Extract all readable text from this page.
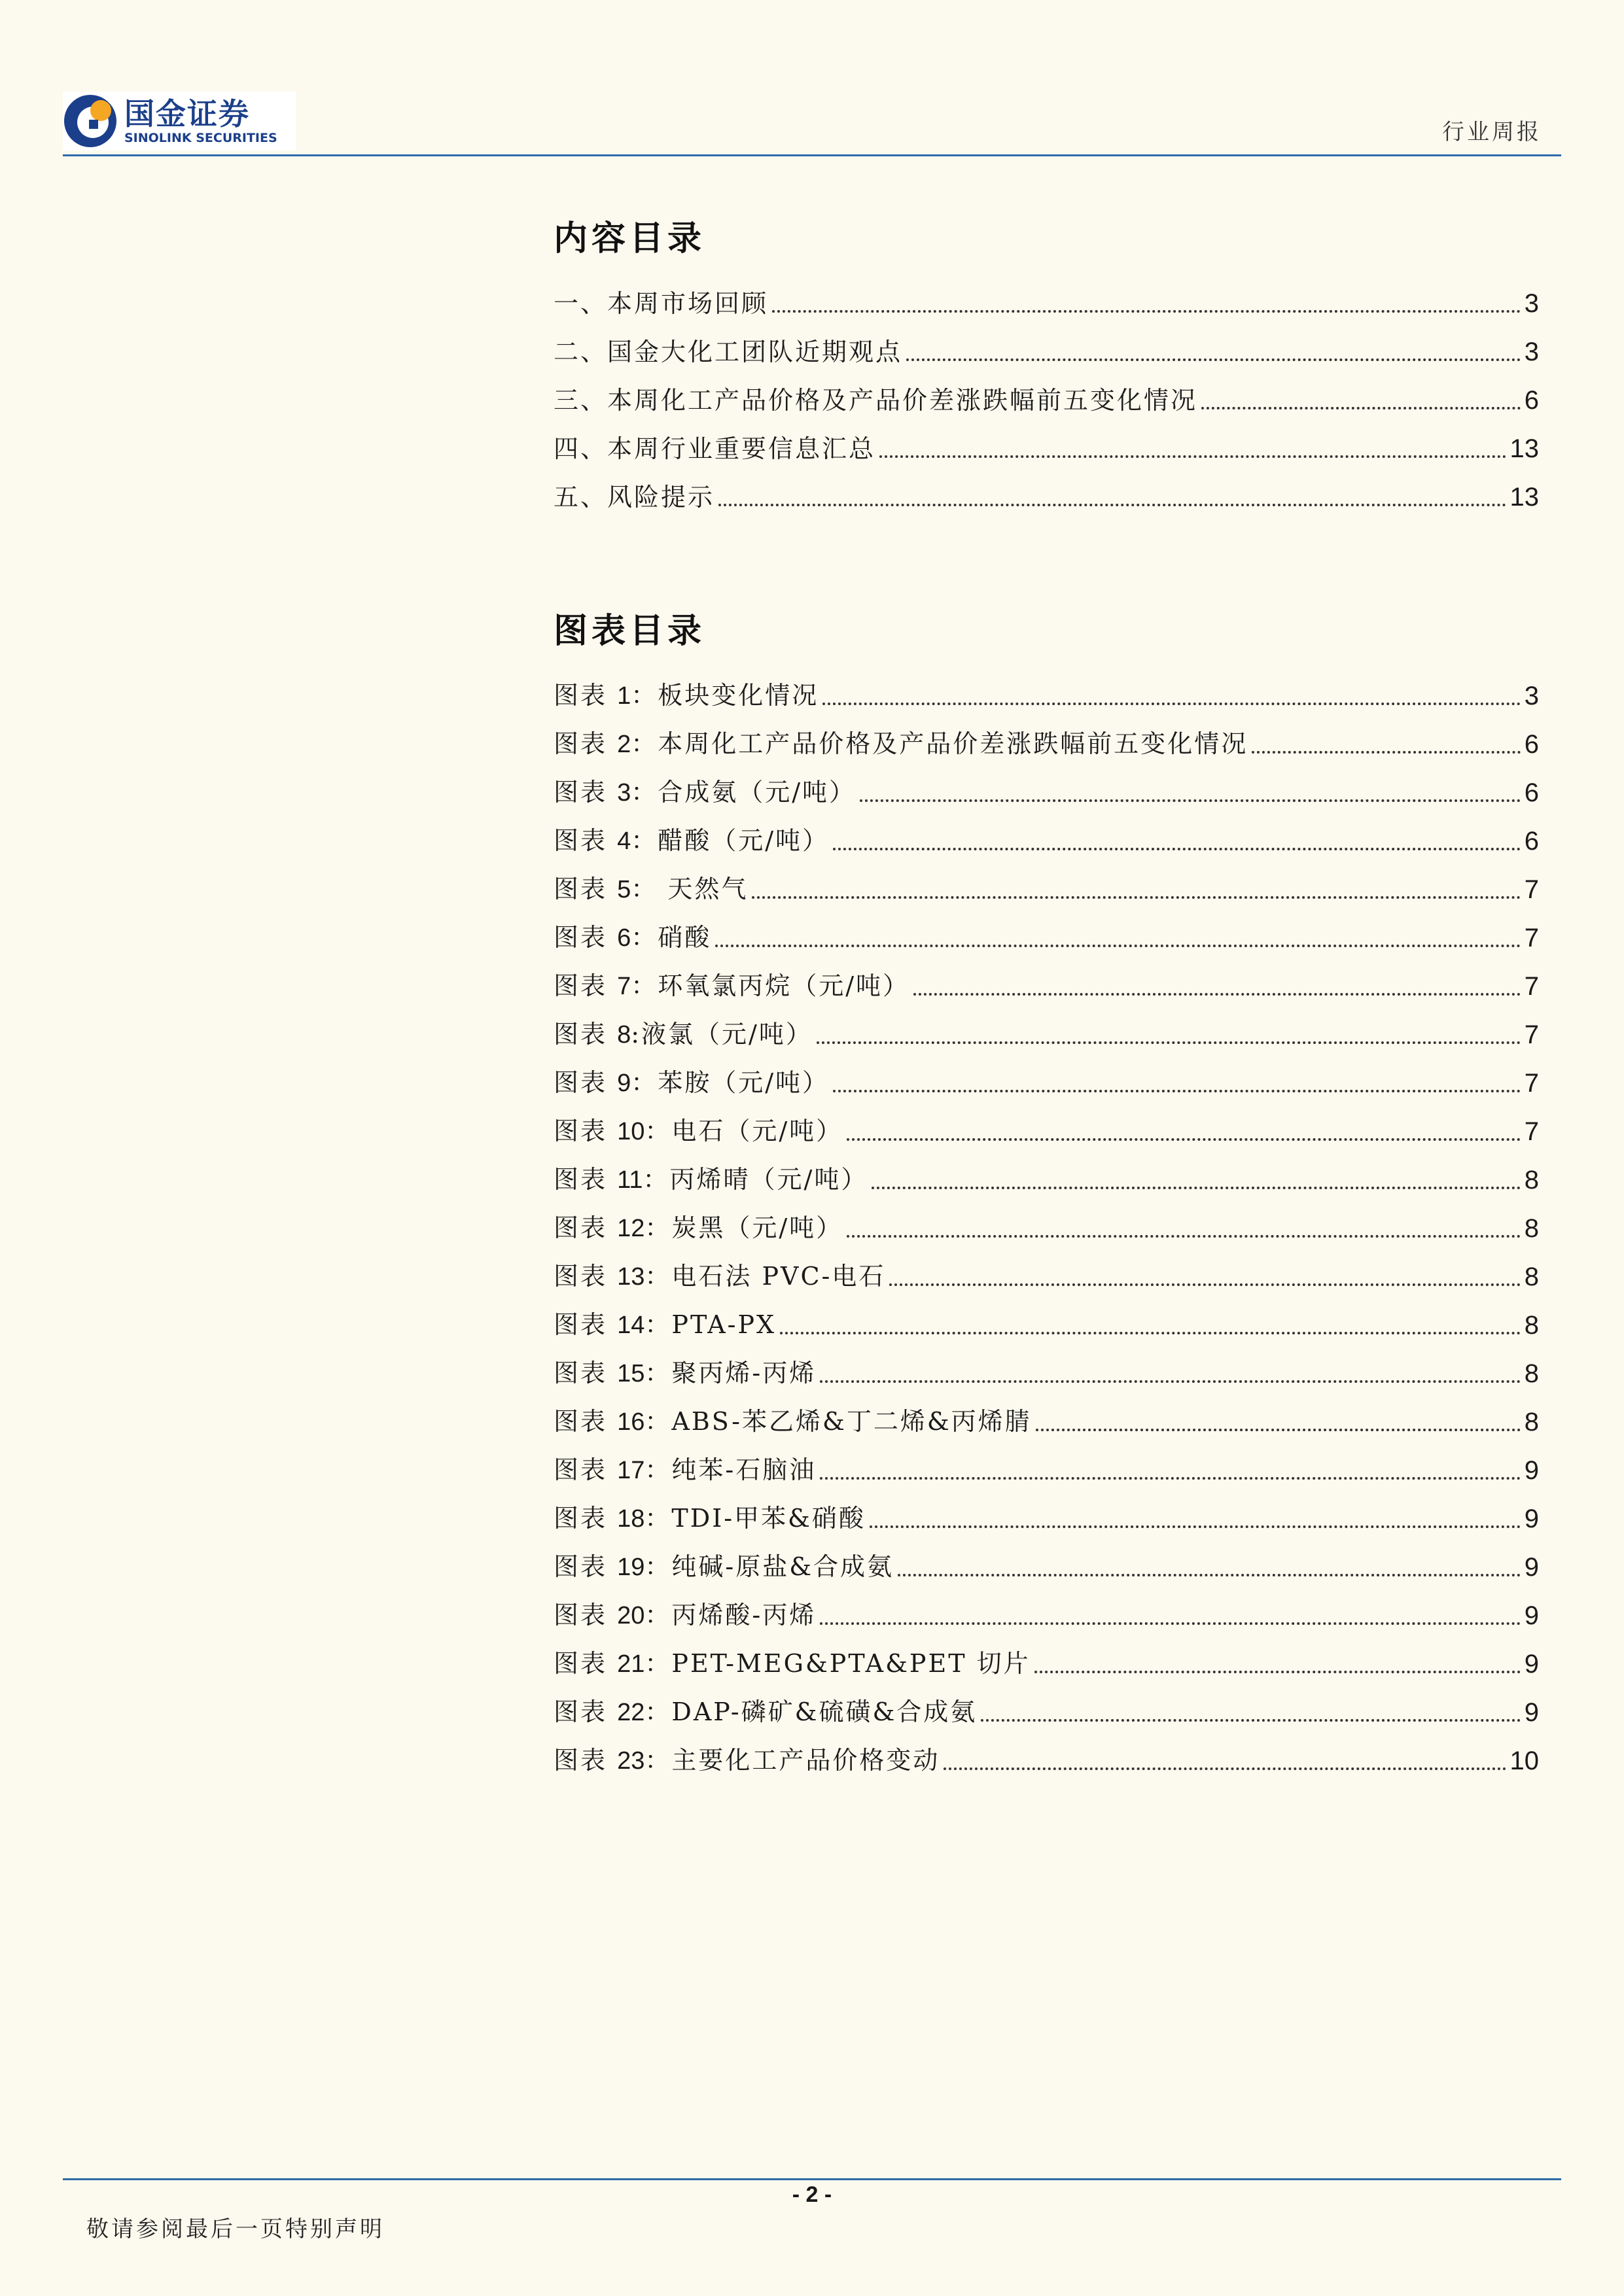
国金证券
SINOLINK SECURITIES	行业周报
内容目录
一、本周市场回顾	3
二、国金大化工团队近期观点	3
三、本周化工产品价格及产品价差涨跌幅前五变化情况	6
四、本周行业重要信息汇总	13
五、风险提示	13
图表目录
图表 1：板块变化情况	3
图表 2：本周化工产品价格及产品价差涨跌幅前五变化情况	6
图表 3：合成氨（元/吨）	6
图表 4：醋酸（元/吨）	6
图表 5： 天然气	7
图表 6：硝酸	7
图表 7：环氧氯丙烷（元/吨）	7
图表 8:液氯（元/吨）	7
图表 9：苯胺（元/吨）	7
图表 10：电石（元/吨）	7
图表 11：丙烯晴（元/吨）	8
图表 12：炭黑（元/吨）	8
图表 13：电石法 PVC-电石	8
图表 14：PTA-PX	8
图表 15：聚丙烯-丙烯	8
图表 16：ABS-苯乙烯&丁二烯&丙烯腈	8
图表 17：纯苯-石脑油	9
图表 18：TDI-甲苯&硝酸	9
图表 19：纯碱-原盐&合成氨	9
图表 20：丙烯酸-丙烯	9
图表 21：PET-MEG&PTA&PET 切片	9
图表 22：DAP-磷矿&硫磺&合成氨	9
图表 23：主要化工产品价格变动	10
- 2 -
敬请参阅最后一页特别声明
